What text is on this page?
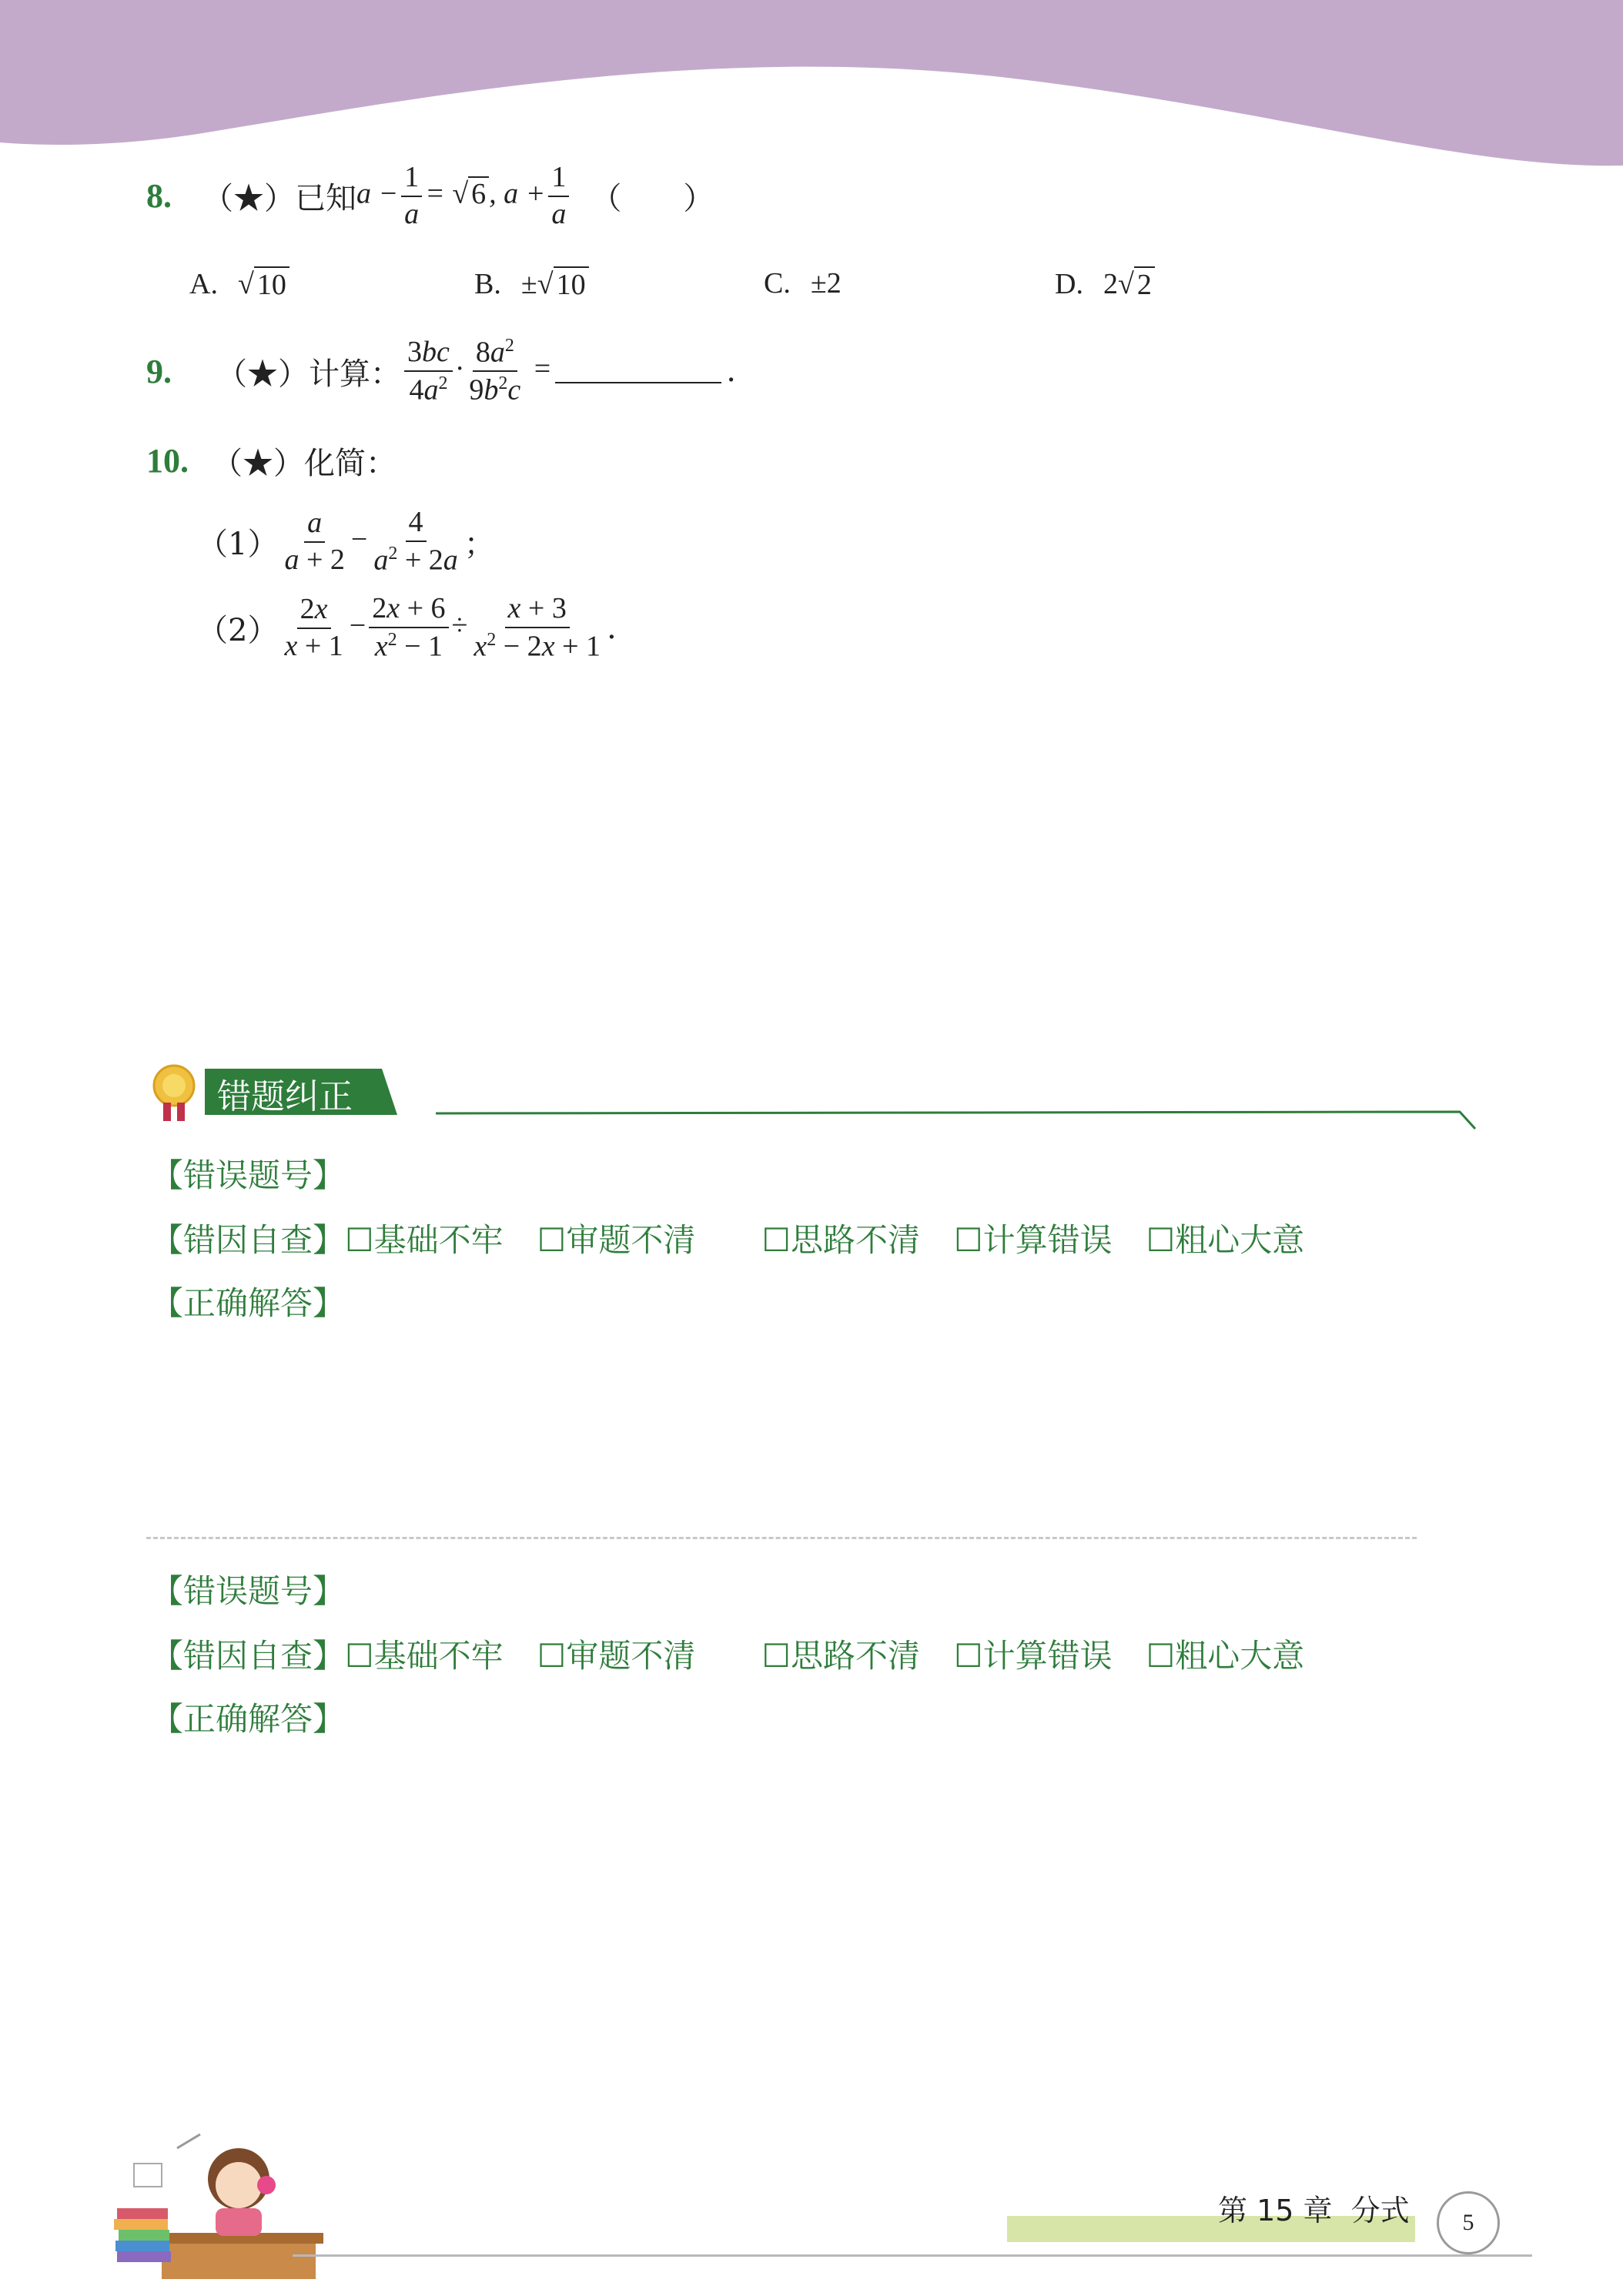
8. （★）已知 $a - \frac{1}{a}$ = √ 6 , $a + \frac{1}{a}$ （　　）
A. √ 10	B. ± √ 10	C. ±2	D. 2 √ 2
9. （★）计算： $\frac{3bc}{4a^2} \cdot \frac{8a^2}{9b^2c}$ =	.
10. （★）化简：
$(1) \frac{a}{a + 2} - \frac{4}{a^2 + 2a}$ ；
$(2) \frac{2x}{x + 1} - \frac{2x + 6}{x^2 - 1} \div \frac{x + 3}{x^2 - 2x + 1}$ .
错题纠正
【错误题号】
【错因自查】 ☐基础不牢 ☐审题不清 ☐思路不清 ☐计算错误 ☐粗心大意
【正确解答】
【错误题号】
【错因自查】 ☐基础不牢 ☐审题不清 ☐思路不清 ☐计算错误 ☐粗心大意
【正确解答】
第 15 章  分式	5
